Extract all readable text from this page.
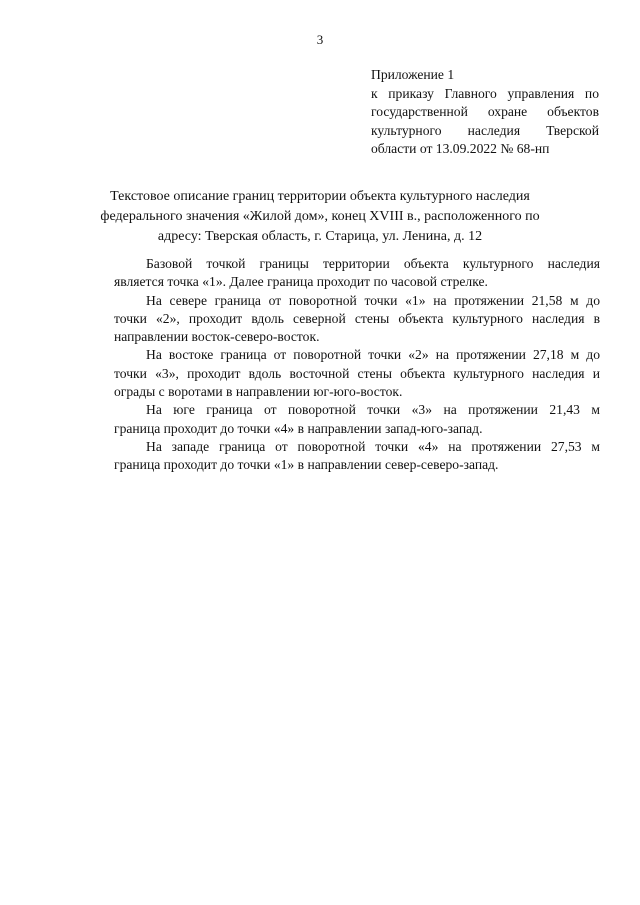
3
Приложение 1
к приказу Главного управления по
государственной охране объектов
культурного наследия Тверской
области от 13.09.2022 № 68-нп
Текстовое описание границ территории объекта культурного наследия
федерального значения «Жилой дом», конец XVIII в., расположенного по
адресу: Тверская область, г. Старица, ул. Ленина, д. 12
Базовой точкой границы территории объекта культурного наследия
является точка «1». Далее граница проходит по часовой стрелке.
На севере граница от поворотной точки «1» на протяжении 21,58 м до
точки «2», проходит вдоль северной стены объекта культурного наследия в
направлении восток-северо-восток.
На востоке граница от поворотной точки «2» на протяжении 27,18 м до
точки «3», проходит вдоль восточной стены объекта культурного наследия и
ограды с воротами в направлении юг-юго-восток.
На юге граница от поворотной точки «3» на протяжении 21,43 м
граница проходит до точки «4» в направлении запад-юго-запад.
На западе граница от поворотной точки «4» на протяжении 27,53 м
граница проходит до точки «1» в направлении север-северо-запад.
